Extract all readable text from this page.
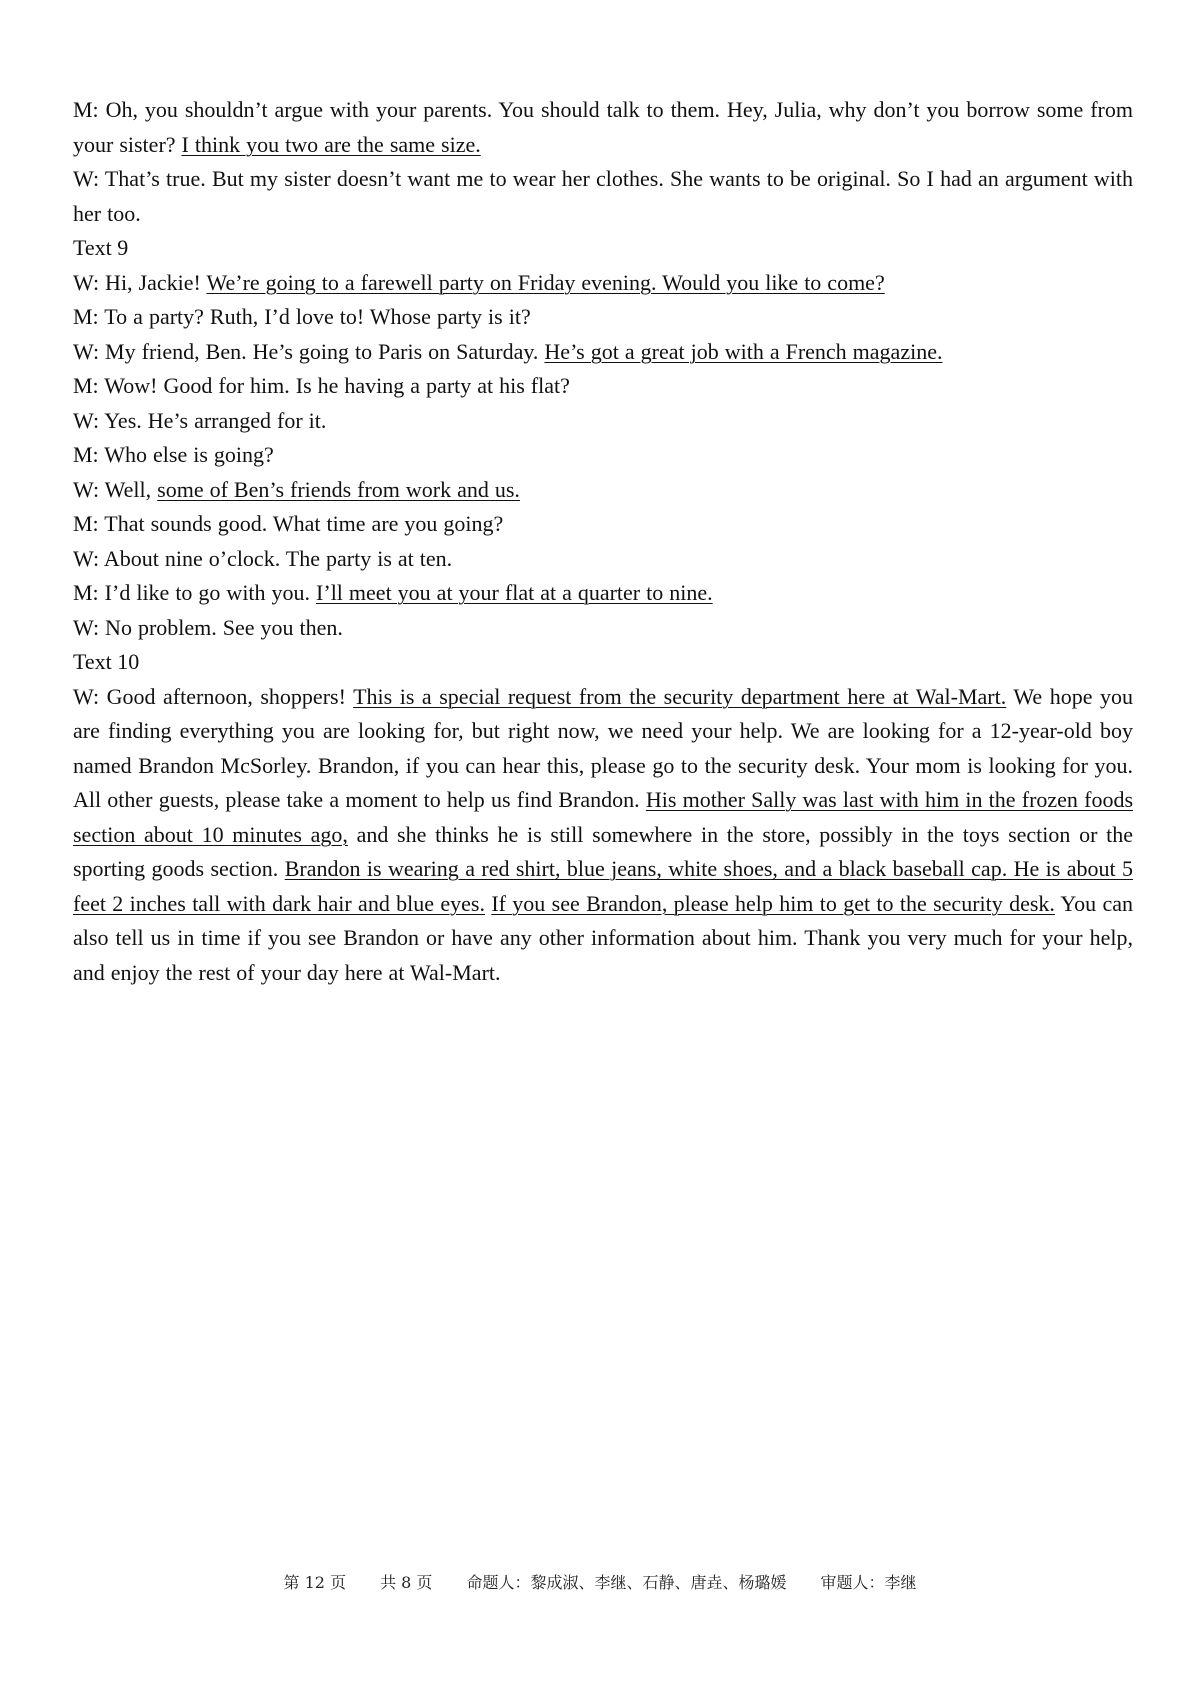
M: Oh, you shouldn’t argue with your parents. You should talk to them. Hey, Julia, why don’t you borrow some from your sister? I think you two are the same size.

W: That’s true. But my sister doesn’t want me to wear her clothes. She wants to be original. So I had an argument with her too.

Text 9

W: Hi, Jackie! We’re going to a farewell party on Friday evening. Would you like to come?

M: To a party? Ruth, I’d love to! Whose party is it?

W: My friend, Ben. He’s going to Paris on Saturday. He’s got a great job with a French magazine.

M: Wow! Good for him. Is he having a party at his flat?

W: Yes. He’s arranged for it.

M: Who else is going?

W: Well, some of Ben’s friends from work and us.

M: That sounds good. What time are you going?

W: About nine o’clock. The party is at ten.

M: I’d like to go with you. I’ll meet you at your flat at a quarter to nine.

W: No problem. See you then.

Text 10

W: Good afternoon, shoppers! This is a special request from the security department here at Wal-Mart. We hope you are finding everything you are looking for, but right now, we need your help. We are looking for a 12-year-old boy named Brandon McSorley. Brandon, if you can hear this, please go to the security desk. Your mom is looking for you. All other guests, please take a moment to help us find Brandon. His mother Sally was last with him in the frozen foods section about 10 minutes ago, and she thinks he is still somewhere in the store, possibly in the toys section or the sporting goods section. Brandon is wearing a red shirt, blue jeans, white shoes, and a black baseball cap. He is about 5 feet 2 inches tall with dark hair and blue eyes. If you see Brandon, please help him to get to the security desk. You can also tell us in time if you see Brandon or have any other information about him. Thank you very much for your help, and enjoy the rest of your day here at Wal-Mart.

第 12 页 共 8 页 命题人：黎成淑、李继、石静、唐垚、杨璐媛 审题人：李继
